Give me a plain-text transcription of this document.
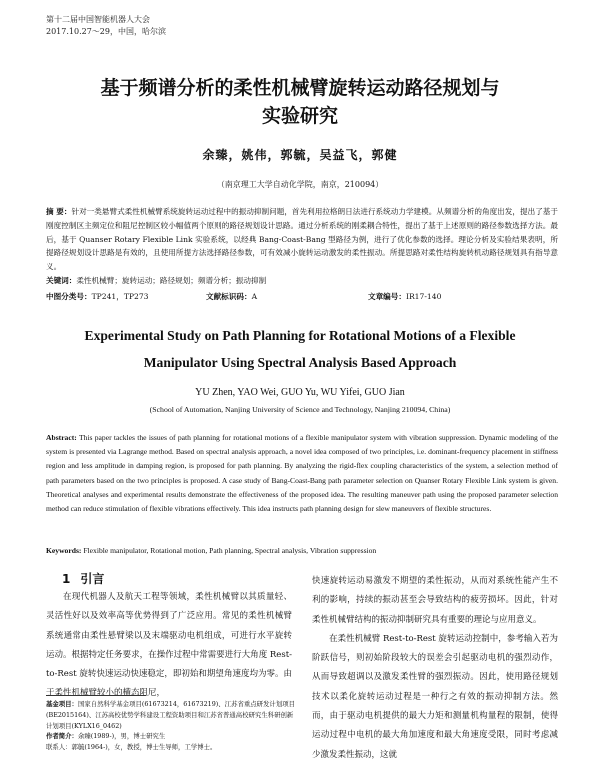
第十二届中国智能机器人大会
2017.10.27～29，中国，哈尔滨
基于频谱分析的柔性机械臂旋转运动路径规划与
实验研究
余臻，姚伟，郭毓，吴益飞，郭健
（南京理工大学自动化学院，南京，210094）
摘 要：针对一类悬臂式柔性机械臂系统旋转运动过程中的振动抑制问题，首先利用拉格朗日法进行系统动力学建模。从频谱分析的角度出发，提出了基于刚度控制区主频定位和阻尼控制区较小幅值两个原则的路径规划设计思路。通过分析系统的刚柔耦合特性，提出了基于上述原则的路径参数选择方法。最后，基于 Quanser Rotary Flexible Link 实验系统，以经典 Bang-Coast-Bang 型路径为例，进行了优化参数的选择。理论分析及实验结果表明，所提路径规划设计思路是有效的，且使用所提方法选择路径参数，可有效减小旋转运动激发的柔性振动。所提思路对柔性结构旋转机动路径规划具有指导意义。
关键词：柔性机械臂；旋转运动；路径规划；频谱分析；振动抑制
中图分类号：TP241，TP273	文献标识码：A	文章编号：IR17-140
Experimental Study on Path Planning for Rotational Motions of a Flexible
Manipulator Using Spectral Analysis Based Approach
YU Zhen, YAO Wei, GUO Yu, WU Yifei, GUO Jian
(School of Automation, Nanjing University of Science and Technology, Nanjing 210094, China)
Abstract: This paper tackles the issues of path planning for rotational motions of a flexible manipulator system with vibration suppression. Dynamic modeling of the system is presented via Lagrange method. Based on spectral analysis approach, a novel idea composed of two principles, i.e. dominant-frequency placement in stiffness region and less amplitude in damping region, is proposed for path planning. By analyzing the rigid-flex coupling characteristics of the system, a selection method of path parameters based on the two principles is proposed. A case study of Bang-Coast-Bang path parameter selection on Quanser Rotary Flexible Link system is given. Theoretical analyses and experimental results demonstrate the effectiveness of the proposed idea. The resulting maneuver path using the proposed parameter selection method can reduce stimulation of flexible vibrations effectively. This idea instructs path planning design for slew maneuvers of flexible structures.
Keywords: Flexible manipulator, Rotational motion, Path planning, Spectral analysis, Vibration suppression
1 引言
在现代机器人及航天工程等领域，柔性机械臂以其质量轻、灵活性好以及效率高等优势得到了广泛应用。常见的柔性机械臂系统通常由柔性悬臂梁以及末端驱动电机组成，可进行水平旋转运动。根据特定任务要求，在操作过程中常需要进行大角度 Rest-to-Rest 旋转快速运动快速稳定，即初始和期望角速度均为零。由于柔性机械臂较小的横态阻尼，

快速旋转运动易激发不期望的柔性振动，从而对系统性能产生不利的影响，持续的振动甚至会导致结构的疲劳损坏。因此，针对柔性机械臂结构的振动抑制研究具有重要的理论与应用意义。

在柔性机械臂 Rest-to-Rest 旋转运动控制中，参考输入若为阶跃信号，则初始阶段较大的误差会引起驱动电机的强烈动作，从而导致超调以及激发柔性臂的强烈振动。因此，使用路径规划技术以柔化旋转运动过程是一种行之有效的振动抑制方法。然而，由于驱动电机提供的最大力矩和测量机构量程的限制，使得运动过程中电机的最大角加速度和最大角速度受限，同时考虑减少激发柔性振动，这就

基金项目：国家自然科学基金项目(61673214，61673219)、江苏省重点研发计划项目(BE2015164)、江苏高校优势学科建设工程资助项目和江苏省普通高校研究生科研创新计划项目(KYLX16_0462)
作者简介：余臻(1989-)，男，博士研究生
联系人：郭毓(1964-)，女，教授，博士生导师，工学博士。
